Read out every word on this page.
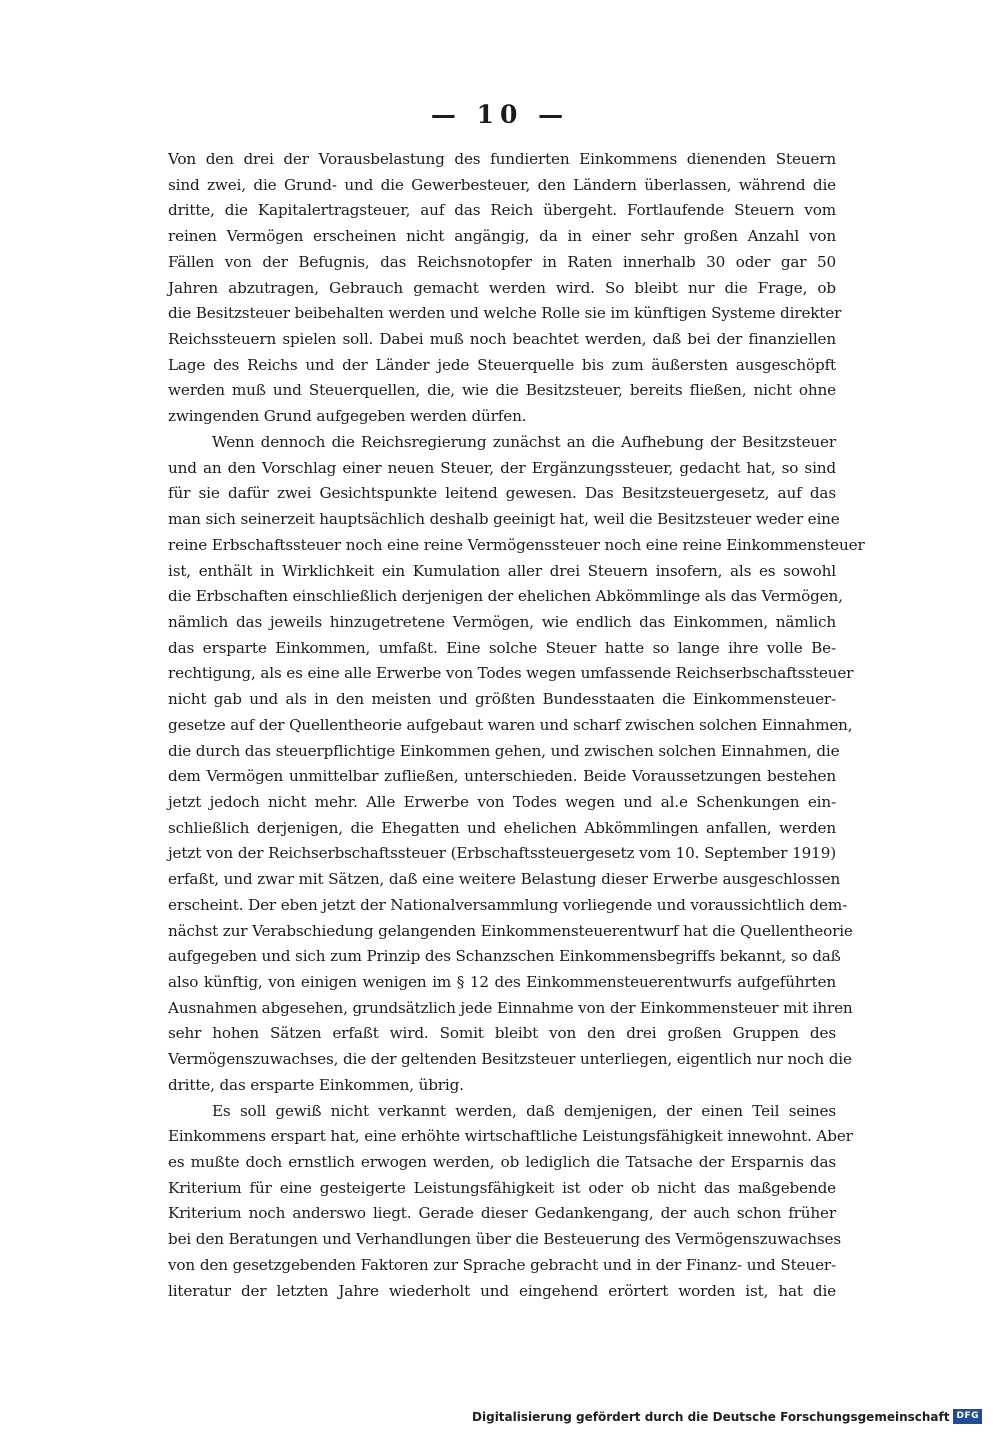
— 10 —
Von den drei der Vorausbelastung des fundierten Einkommens dienenden Steuern
sind zwei, die Grund- und die Gewerbesteuer, den Ländern überlassen, während die
dritte, die Kapitalertragsteuer, auf das Reich übergeht. Fortlaufende Steuern vom
reinen Vermögen erscheinen nicht angängig, da in einer sehr großen Anzahl von
Fällen von der Befugnis, das Reichsnotopfer in Raten innerhalb 30 oder gar 50
Jahren abzutragen, Gebrauch gemacht werden wird. So bleibt nur die Frage, ob
die Besitzsteuer beibehalten werden und welche Rolle sie im künftigen Systeme direkter
Reichssteuern spielen soll. Dabei muß noch beachtet werden, daß bei der finanziellen
Lage des Reichs und der Länder jede Steuerquelle bis zum äußersten ausgeschöpft
werden muß und Steuerquellen, die, wie die Besitzsteuer, bereits fließen, nicht ohne
zwingenden Grund aufgegeben werden dürfen.
Wenn dennoch die Reichsregierung zunächst an die Aufhebung der Besitzsteuer
und an den Vorschlag einer neuen Steuer, der Ergänzungssteuer, gedacht hat, so sind
für sie dafür zwei Gesichtspunkte leitend gewesen. Das Besitzsteuergesetz, auf das
man sich seinerzeit hauptsächlich deshalb geeinigt hat, weil die Besitzsteuer weder eine
reine Erbschaftssteuer noch eine reine Vermögenssteuer noch eine reine Einkommensteuer
ist, enthält in Wirklichkeit ein Kumulation aller drei Steuern insofern, als es sowohl
die Erbschaften einschließlich derjenigen der ehelichen Abkömmlinge als das Vermögen,
nämlich das jeweils hinzugetretene Vermögen, wie endlich das Einkommen, nämlich
das ersparte Einkommen, umfaßt. Eine solche Steuer hatte so lange ihre volle Be-
rechtigung, als es eine alle Erwerbe von Todes wegen umfassende Reichserbschaftssteuer
nicht gab und als in den meisten und größten Bundesstaaten die Einkommensteuer-
gesetze auf der Quellentheorie aufgebaut waren und scharf zwischen solchen Einnahmen,
die durch das steuerpflichtige Einkommen gehen, und zwischen solchen Einnahmen, die
dem Vermögen unmittelbar zufließen, unterschieden. Beide Voraussetzungen bestehen
jetzt jedoch nicht mehr. Alle Erwerbe von Todes wegen und al.e Schenkungen ein-
schließlich derjenigen, die Ehegatten und ehelichen Abkömmlingen anfallen, werden
jetzt von der Reichserbschaftssteuer (Erbschaftssteuergesetz vom 10. September 1919)
erfaßt, und zwar mit Sätzen, daß eine weitere Belastung dieser Erwerbe ausgeschlossen
erscheint. Der eben jetzt der Nationalversammlung vorliegende und voraussichtlich dem-
nächst zur Verabschiedung gelangenden Einkommensteuerentwurf hat die Quellentheorie
aufgegeben und sich zum Prinzip des Schanzschen Einkommensbegriffs bekannt, so daß
also künftig, von einigen wenigen im § 12 des Einkommensteuerentwurfs aufgeführten
Ausnahmen abgesehen, grundsätzlich jede Einnahme von der Einkommensteuer mit ihren
sehr hohen Sätzen erfaßt wird. Somit bleibt von den drei großen Gruppen des
Vermögenszuwachses, die der geltenden Besitzsteuer unterliegen, eigentlich nur noch die
dritte, das ersparte Einkommen, übrig.
Es soll gewiß nicht verkannt werden, daß demjenigen, der einen Teil seines
Einkommens erspart hat, eine erhöhte wirtschaftliche Leistungsfähigkeit innewohnt. Aber
es mußte doch ernstlich erwogen werden, ob lediglich die Tatsache der Ersparnis das
Kriterium für eine gesteigerte Leistungsfähigkeit ist oder ob nicht das maßgebende
Kriterium noch anderswo liegt. Gerade dieser Gedankengang, der auch schon früher
bei den Beratungen und Verhandlungen über die Besteuerung des Vermögenszuwachses
von den gesetzgebenden Faktoren zur Sprache gebracht und in der Finanz- und Steuer-
literatur der letzten Jahre wiederholt und eingehend erörtert worden ist, hat die
Digitalisierung gefördert durch die Deutsche Forschungsgemeinschaft DFG
